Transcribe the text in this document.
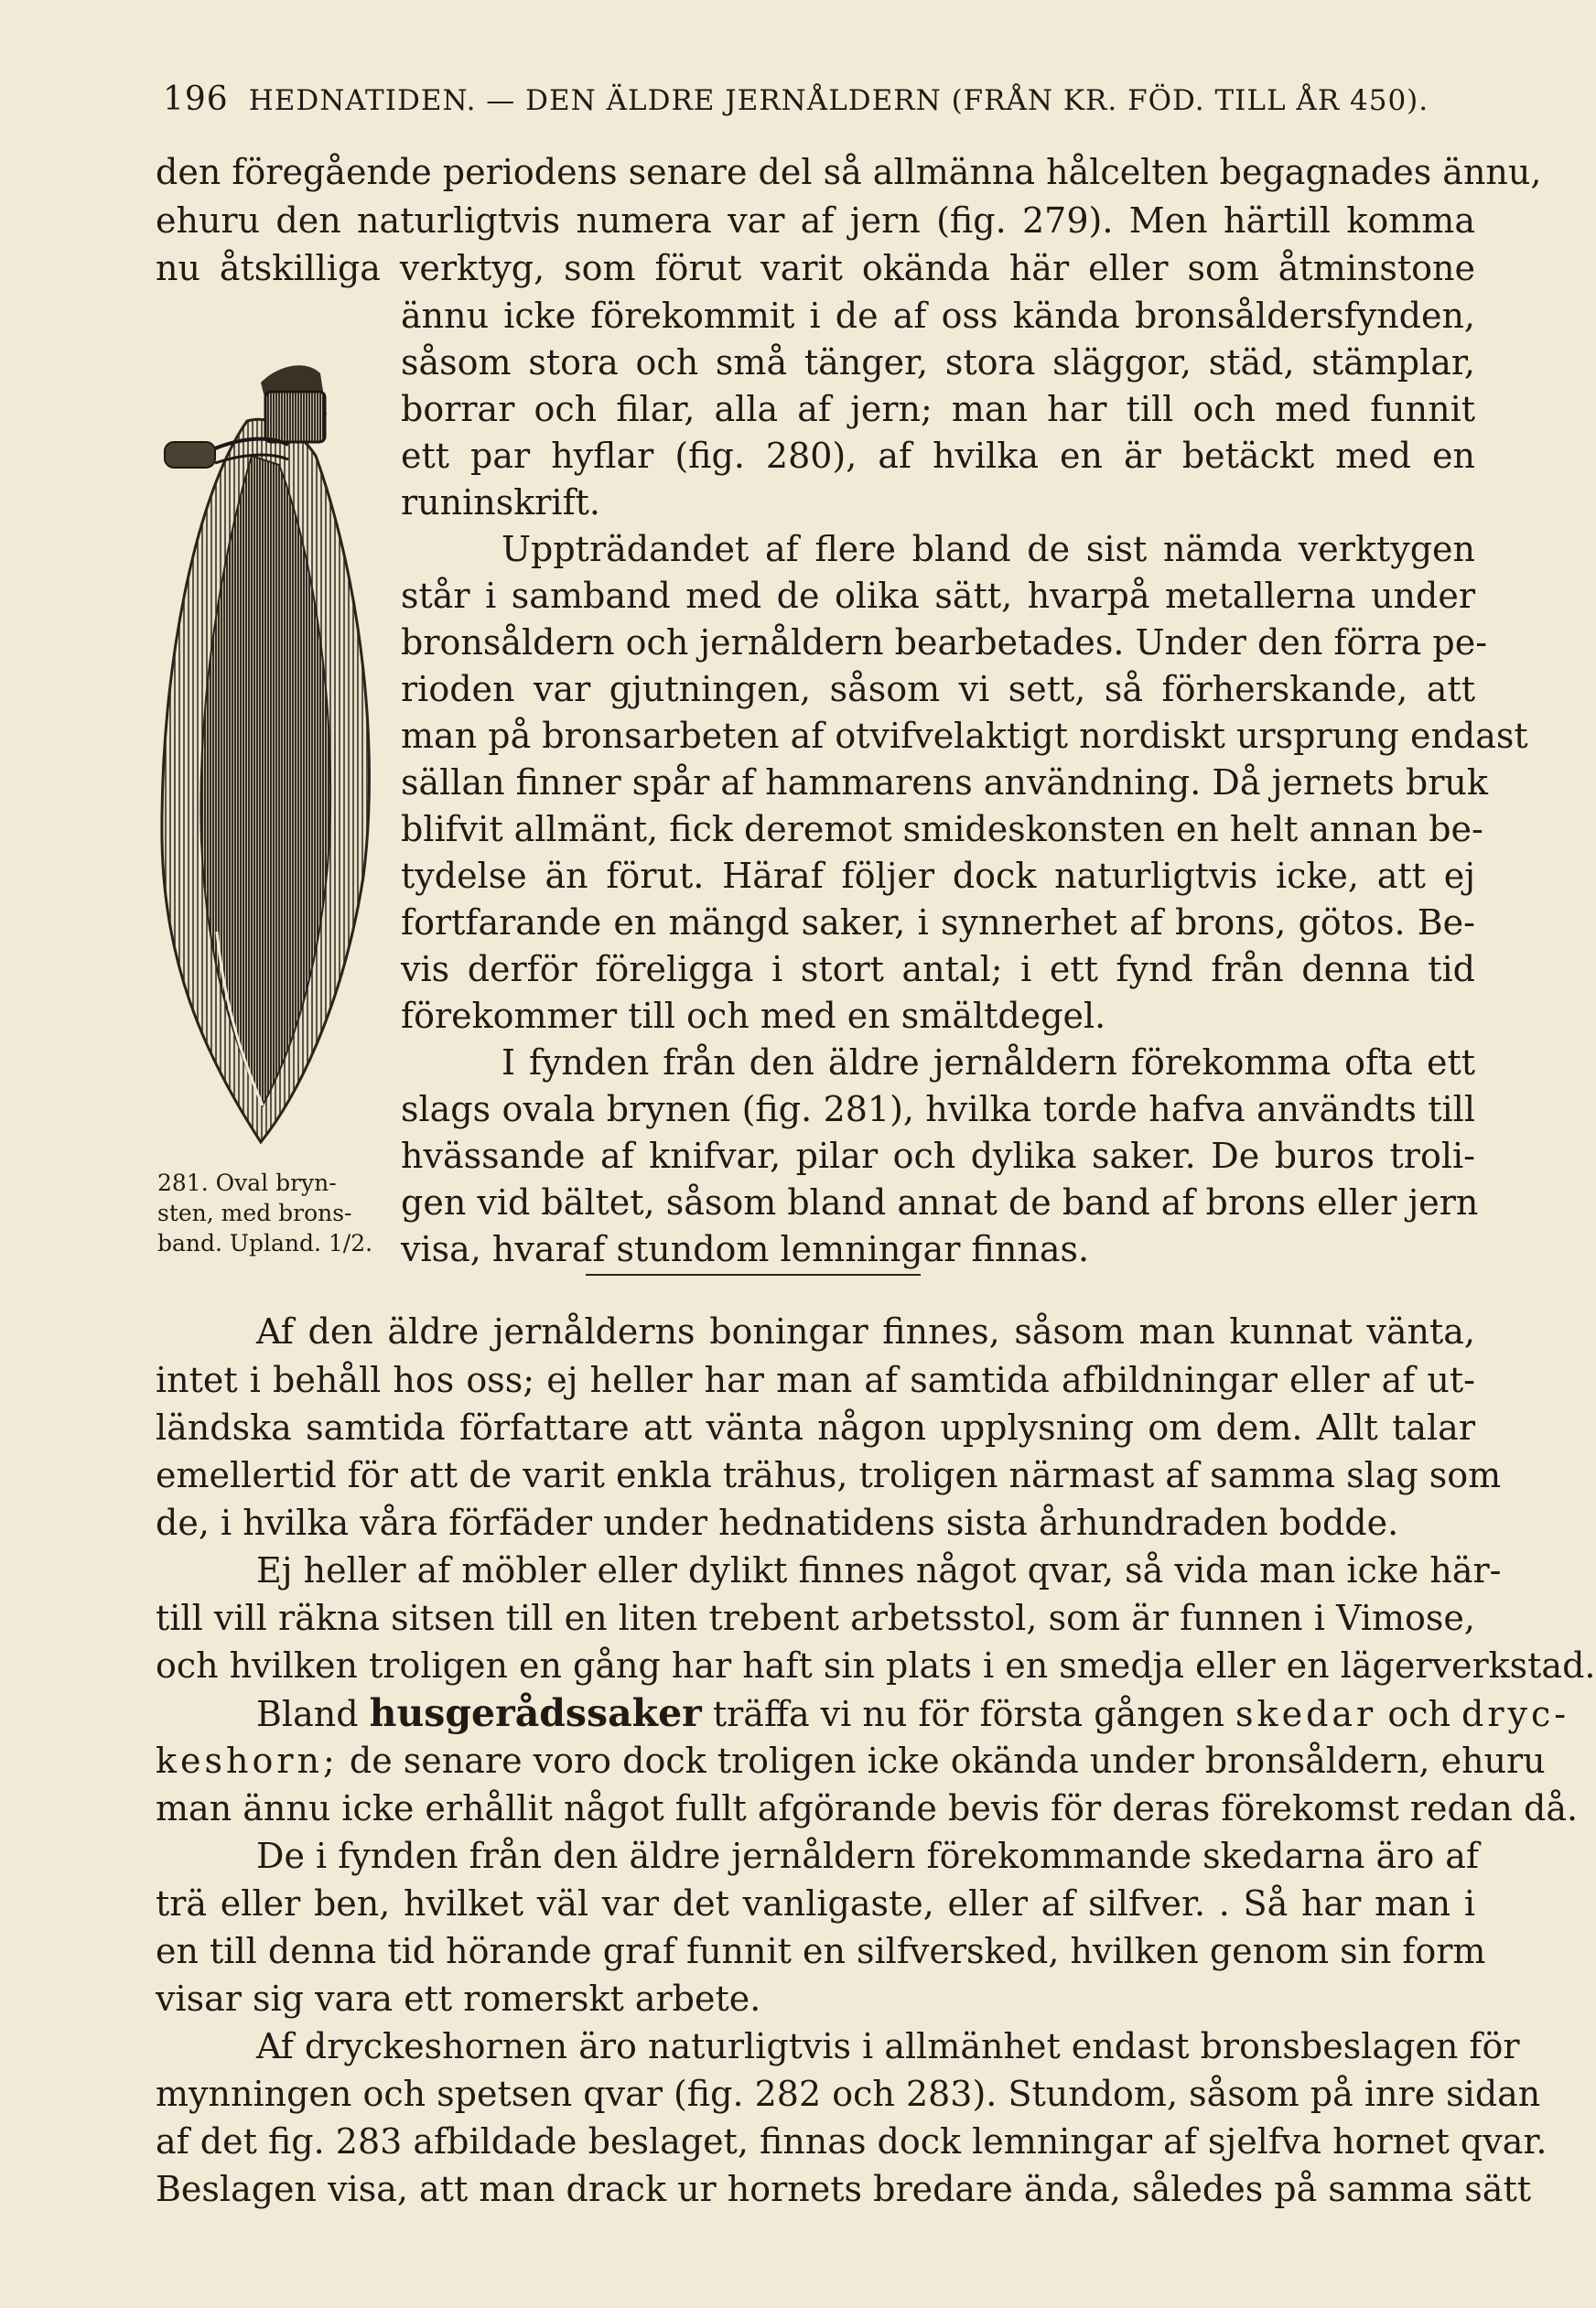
196 HEDNATIDEN. — DEN ÄLDRE JERNÅLDERN (FRÅN KR. FÖD. TILL ÅR 450).
den föregående periodens senare del så allmänna hålcelten begagnades ännu,
ehuru den naturligtvis numera var af jern (fig. 279). Men härtill komma
nu åtskilliga verktyg, som förut varit okända här eller som åtminstone
ännu icke förekommit i de af oss kända bronsåldersfynden,
såsom stora och små tänger, stora släggor, städ, stämplar,
borrar och filar, alla af jern; man har till och med funnit
ett par hyflar (fig. 280), af hvilka en är betäckt med en
runinskrift.
Uppträdandet af flere bland de sist nämda verktygen
står i samband med de olika sätt, hvarpå metallerna under
bronsåldern och jernåldern bearbetades. Under den förra pe-
rioden var gjutningen, såsom vi sett, så förherskande, att
man på bronsarbeten af otvifvelaktigt nordiskt ursprung endast
sällan finner spår af hammarens användning. Då jernets bruk
blifvit allmänt, fick deremot smideskonsten en helt annan be-
tydelse än förut. Häraf följer dock naturligtvis icke, att ej
fortfarande en mängd saker, i synnerhet af brons, götos. Be-
vis derför föreligga i stort antal; i ett fynd från denna tid
förekommer till och med en smältdegel.
I fynden från den äldre jernåldern förekomma ofta ett
slags ovala brynen (fig. 281), hvilka torde hafva användts till
hvässande af knifvar, pilar och dylika saker. De buros troli-
gen vid bältet, såsom bland annat de band af brons eller jern
visa, hvaraf stundom lemningar finnas.
281. Oval bryn-
sten, med brons-
band. Upland. 1/2.
Af den äldre jernålderns boningar finnes, såsom man kunnat vänta,
intet i behåll hos oss; ej heller har man af samtida afbildningar eller af ut-
ländska samtida författare att vänta någon upplysning om dem. Allt talar
emellertid för att de varit enkla trähus, troligen närmast af samma slag som
de, i hvilka våra förfäder under hednatidens sista århundraden bodde.
Ej heller af möbler eller dylikt finnes något qvar, så vida man icke här-
till vill räkna sitsen till en liten trebent arbetsstol, som är funnen i Vimose,
och hvilken troligen en gång har haft sin plats i en smedja eller en lägerverkstad.
Bland husgerådssaker träffa vi nu för första gången skedar och dryc-
keshorn; de senare voro dock troligen icke okända under bronsåldern, ehuru
man ännu icke erhållit något fullt afgörande bevis för deras förekomst redan då.
De i fynden från den äldre jernåldern förekommande skedarna äro af
trä eller ben, hvilket väl var det vanligaste, eller af silfver. . Så har man i
en till denna tid hörande graf funnit en silfversked, hvilken genom sin form
visar sig vara ett romerskt arbete.
Af dryckeshornen äro naturligtvis i allmänhet endast bronsbeslagen för
mynningen och spetsen qvar (fig. 282 och 283). Stundom, såsom på inre sidan
af det fig. 283 afbildade beslaget, finnas dock lemningar af sjelfva hornet qvar.
Beslagen visa, att man drack ur hornets bredare ända, således på samma sätt
